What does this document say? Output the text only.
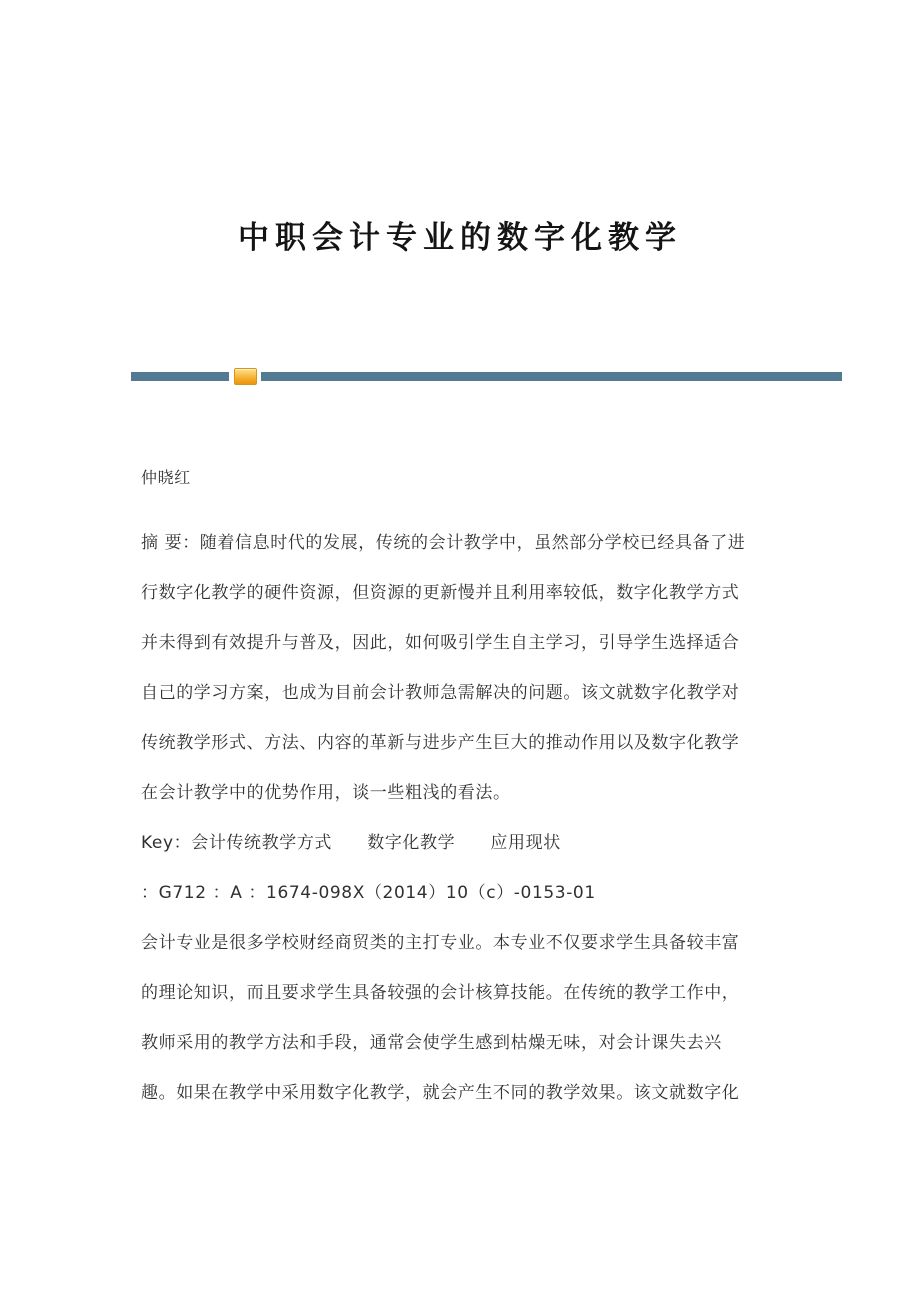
中职会计专业的数字化教学
仲晓红
摘 要：随着信息时代的发展，传统的会计教学中，虽然部分学校已经具备了进
行数字化教学的硬件资源，但资源的更新慢并且利用率较低，数字化教学方式
并未得到有效提升与普及，因此，如何吸引学生自主学习，引导学生选择适合
自己的学习方案，也成为目前会计教师急需解决的问题。该文就数字化教学对
传统教学形式、方法、内容的革新与进步产生巨大的推动作用以及数字化教学
在会计教学中的优势作用，谈一些粗浅的看法。
Key：会计传统教学方式　　数字化教学　　应用现状
：G712 ：A ：1674-098X（2014）10（c）-0153-01
会计专业是很多学校财经商贸类的主打专业。本专业不仅要求学生具备较丰富
的理论知识，而且要求学生具备较强的会计核算技能。在传统的教学工作中，
教师采用的教学方法和手段，通常会使学生感到枯燥无味，对会计课失去兴
趣。如果在教学中采用数字化教学，就会产生不同的教学效果。该文就数字化
